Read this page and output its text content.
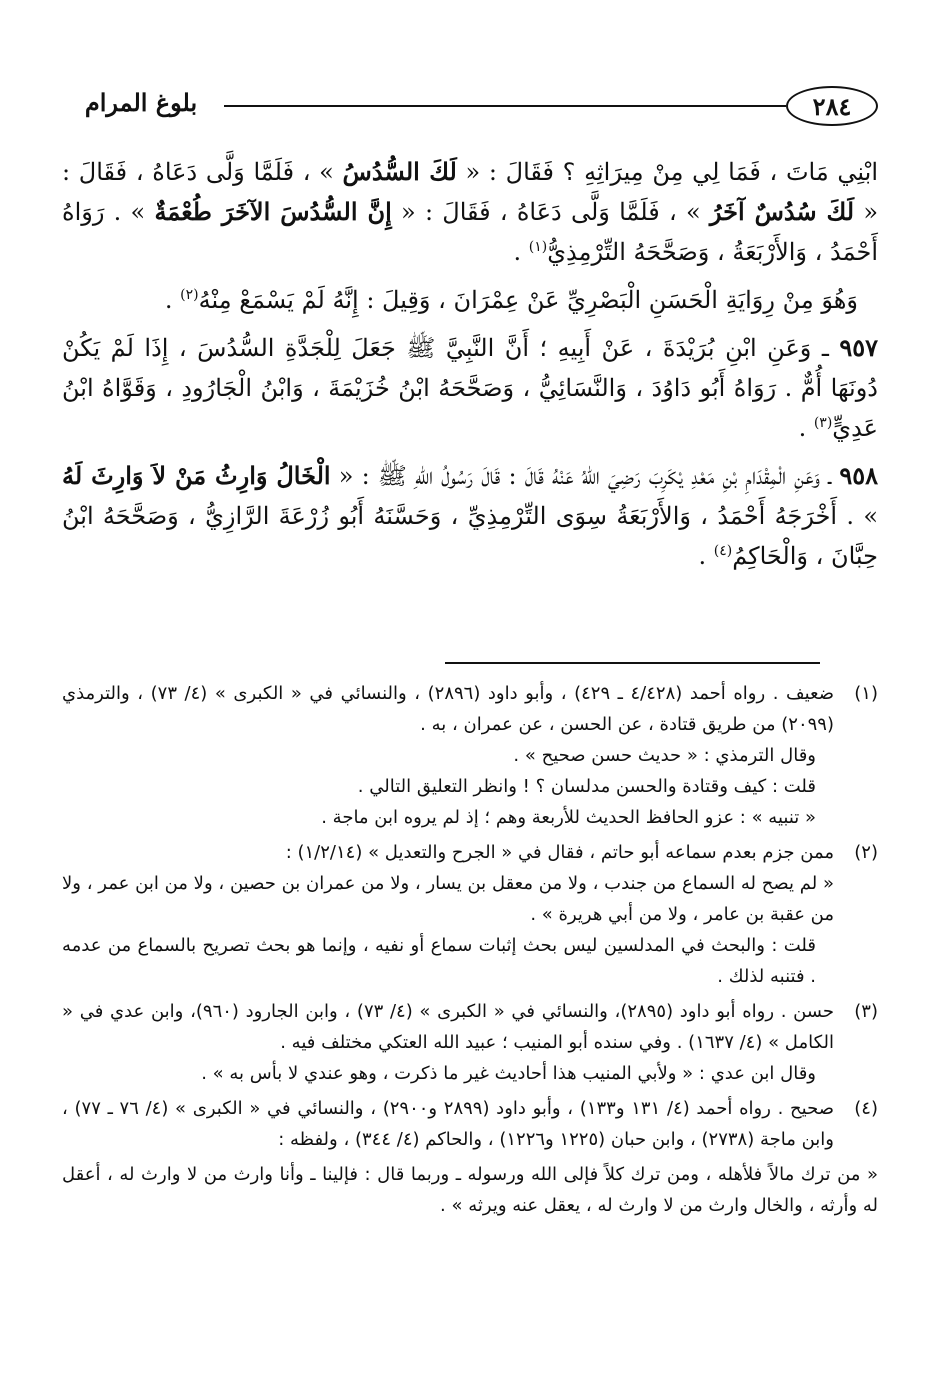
٢٨٤
بلوغ المرام

ابْنِي مَاتَ ، فَمَا لِي مِنْ مِيرَاثِهِ ؟ فَقَالَ : « لَكَ السُّدُسُ » ، فَلَمَّا وَلَّى دَعَاهُ ، فَقَالَ : « لَكَ سُدُسٌ آخَرُ » ، فَلَمَّا وَلَّى دَعَاهُ ، فَقَالَ : « إِنَّ السُّدُسَ الآخَرَ طُعْمَةٌ » . رَوَاهُ أَحْمَدُ ، وَالأَرْبَعَةُ ، وَصَحَّحَهُ التِّرْمِذِيُّ$^{(١)}$ .

وَهُوَ مِنْ رِوَايَةِ الْحَسَنِ الْبَصْرِيِّ عَنْ عِمْرَانَ ، وَقِيلَ : إِنَّهُ لَمْ يَسْمَعْ مِنْهُ$^{(٢)}$ .

٩٥٧ ـ وَعَنِ ابْنِ بُرَيْدَةَ ، عَنْ أَبِيهِ ؛ أَنَّ النَّبِيَّ ﷺ جَعَلَ لِلْجَدَّةِ السُّدُسَ ، إِذَا لَمْ يَكُنْ دُونَهَا أُمٌّ . رَوَاهُ أَبُو دَاوُدَ ، وَالنَّسَائِيُّ ، وَصَحَّحَهُ ابْنُ خُزَيْمَةَ ، وَابْنُ الْجَارُودِ ، وَقَوَّاهُ ابْنُ عَدِيٍّ$^{(٣)}$ .

٩٥٨ ـ وَعَنِ الْمِقْدَامِ بْنِ مَعْدِ يْكَرِبَ رَضِيَ اللهُ عَنْهُ قَالَ : قَالَ رَسُولُ اللهِ ﷺ : « الْخَالُ وَارِثُ مَنْ لاَ وَارِثَ لَهُ » . أَخْرَجَهُ أَحْمَدُ ، وَالأَرْبَعَةُ سِوَى التِّرْمِذِيِّ ، وَحَسَّنَهُ أَبُو زُرْعَةَ الرَّازِيُّ ، وَصَحَّحَهُ ابْنُ حِبَّانَ ، وَالْحَاكِمُ$^{(٤)}$ .

(١)
ضعيف . رواه أحمد (٤/٤٢٨ ـ ٤٢٩) ، وأبو داود (٢٨٩٦) ، والنسائي في « الكبرى » (٤/ ٧٣) ، والترمذي (٢٠٩٩) من طريق قتادة ، عن الحسن ، عن عمران ، به .
وقال الترمذي : « حديث حسن صحيح » .
قلت : كيف وقتادة والحسن مدلسان ؟ ! وانظر التعليق التالي .
« تنبيه » : عزو الحافظ الحديث للأربعة وهم ؛ إذ لم يروه ابن ماجة .
(٢)
ممن جزم بعدم سماعه أبو حاتم ، فقال في « الجرح والتعديل » (١/٢/١٤) :
« لم يصح له السماع من جندب ، ولا من معقل بن يسار ، ولا من عمران بن حصين ، ولا من ابن عمر ، ولا من عقبة بن عامر ، ولا من أبي هريرة » .
قلت : والبحث في المدلسين ليس بحث إثبات سماع أو نفيه ، وإنما هو بحث تصريح بالسماع من عدمه . فتنبه لذلك .
(٣)
حسن . رواه أبو داود (٢٨٩٥)، والنسائي في « الكبرى » (٤/ ٧٣) ، وابن الجارود (٩٦٠)، وابن عدي في « الكامل » (٤/ ١٦٣٧) . وفي سنده أبو المنيب ؛ عبيد الله العتكي مختلف فيه .
وقال ابن عدي : « ولأبي المنيب هذا أحاديث غير ما ذكرت ، وهو عندي لا بأس به » .
(٤)
صحيح . رواه أحمد (٤/ ١٣١ و١٣٣) ، وأبو داود (٢٨٩٩ و٢٩٠٠) ، والنسائي في « الكبرى » (٤/ ٧٦ ـ ٧٧) ، وابن ماجة (٢٧٣٨) ، وابن حبان (١٢٢٥ و١٢٢٦) ، والحاكم (٤/ ٣٤٤) ، ولفظه :
« من ترك مالاً فلأهله ، ومن ترك كلاً فإلى الله ورسوله ـ وربما قال : فإلينا ـ وأنا وارث من لا وارث له ، أعقل له وأرثه ، والخال وارث من لا وارث له ، يعقل عنه ويرثه » .
